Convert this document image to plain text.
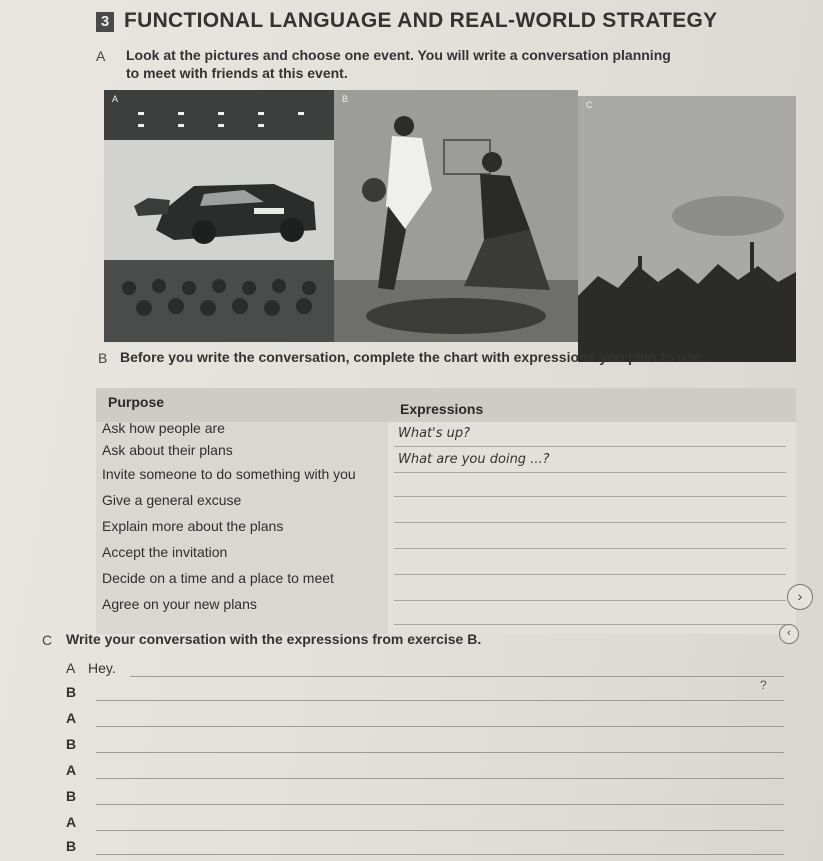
3 FUNCTIONAL LANGUAGE AND REAL-WORLD STRATEGY
A Look at the pictures and choose one event. You will write a conversation planning
to meet with friends at this event.
A	B
C
B Before you write the conversation, complete the chart with expressions you plan to use.
Purpose	Expressions
Ask how people are
Ask about their plans
Invite someone to do something with you
Give a general excuse
Explain more about the plans
Accept the invitation
Decide on a time and a place to meet
Agree on your new plans
What's up?
What are you doing ...?
›
‹
C Write your conversation with the expressions from exercise B.
A Hey.
B
A
B
A
B
A
B
?
